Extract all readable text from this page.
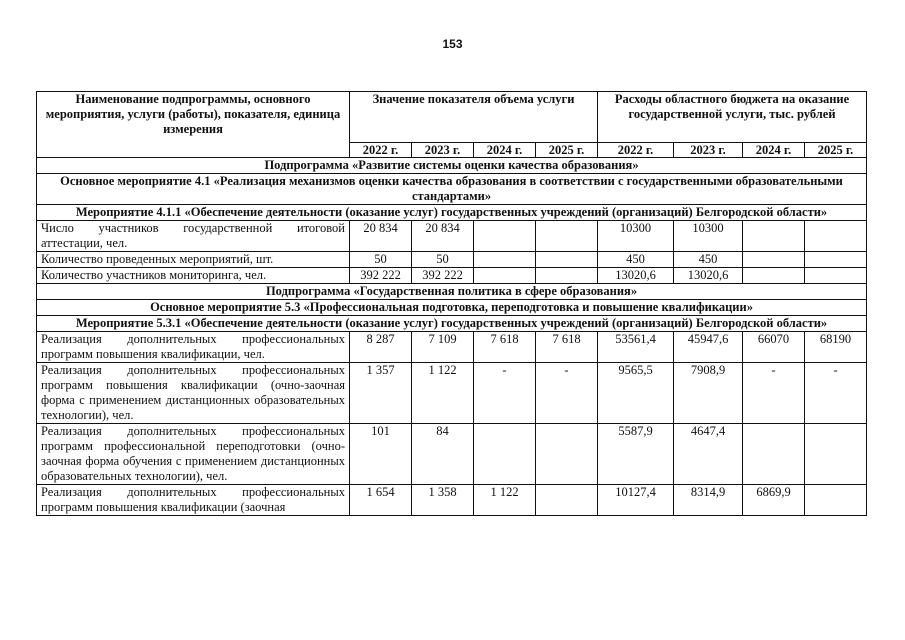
153
Наименование подпрограммы, основного мероприятия, услуги (работы), показателя, единица измерения	Значение показателя объема услуги				Расходы областного бюджета на оказание государственной услуги, тыс. рублей			
	2022 г.	2023 г.	2024 г.	2025 г.	2022 г.	2023 г.	2024 г.	2025 г.
Подпрограмма «Развитие системы оценки качества образования»								
Основное мероприятие 4.1 «Реализация механизмов оценки качества образования в соответствии с государственными образовательными стандартами»								
Мероприятие 4.1.1 «Обеспечение деятельности (оказание услуг) государственных учреждений (организаций) Белгородской области»								
Число участников государственной итоговой аттестации, чел.	20 834	20 834			10300	10300		
Количество проведенных мероприятий, шт.	50	50			450	450		
Количество участников мониторинга, чел.	392 222	392 222			13020,6	13020,6		
Подпрограмма «Государственная политика в сфере образования»								
Основное мероприятие 5.3 «Профессиональная подготовка, переподготовка и повышение квалификации»								
Мероприятие 5.3.1 «Обеспечение деятельности (оказание услуг) государственных учреждений (организаций) Белгородской области»								
Реализация дополнительных профессиональных программ повышения квалификации, чел.	8 287	7 109	7 618	7 618	53561,4	45947,6	66070	68190
Реализация дополнительных профессиональных программ повышения квалификации (очно-заочная форма с применением дистанционных образовательных технологии), чел.	1 357	1 122	-	-	9565,5	7908,9	-	-
Реализация дополнительных профессиональных программ профессиональной переподготовки (очно-заочная форма обучения с применением дистанционных образовательных технологии), чел.	101	84			5587,9	4647,4		
Реализация дополнительных профессиональных программ повышения квалификации (заочная	1 654	1 358	1 122		10127,4	8314,9	6869,9	
